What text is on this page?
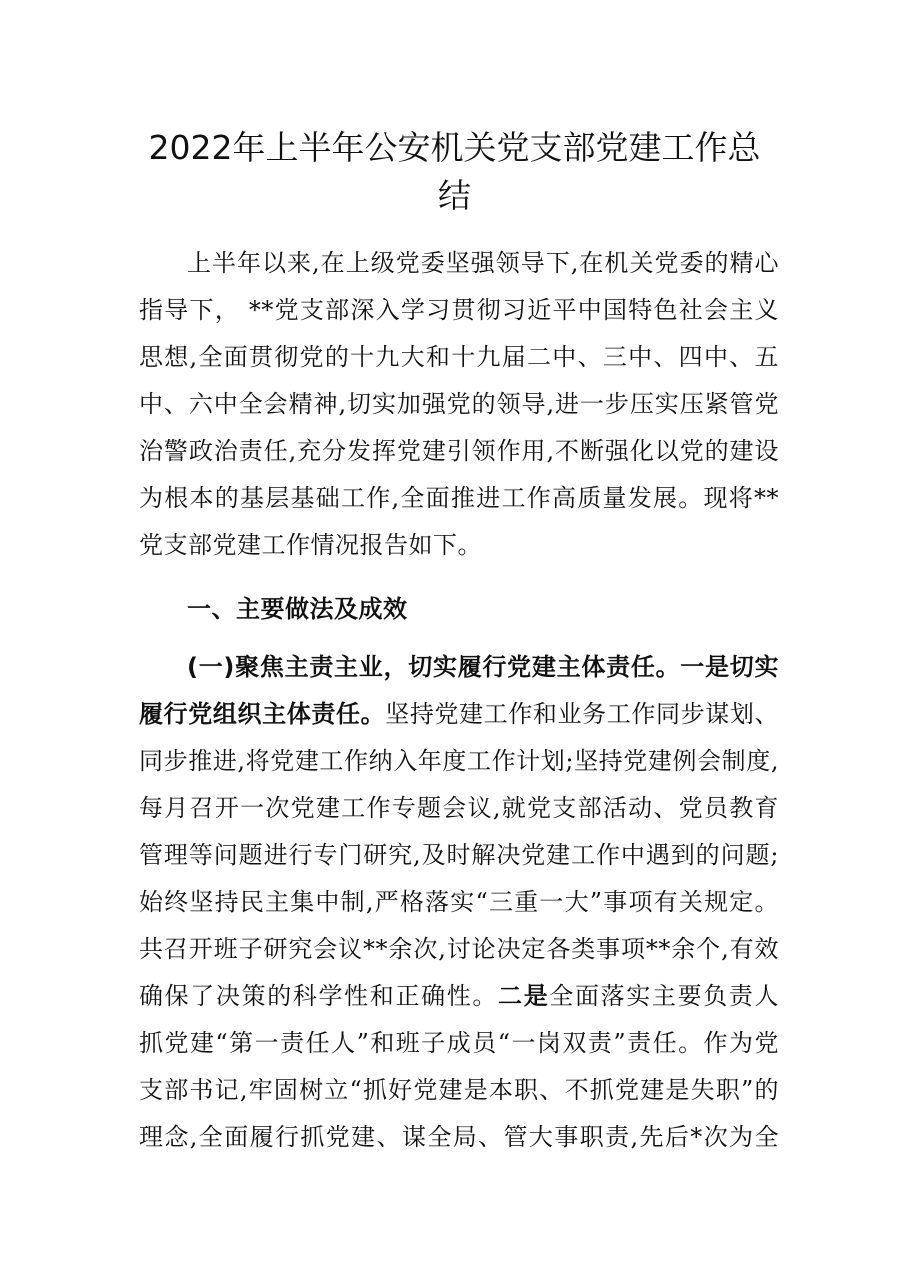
2022年上半年公安机关党支部党建工作总
结
上半年以来,在上级党委坚强领导下,在机关党委的精心
指导下， **党支部深入学习贯彻习近平中国特色社会主义
思想,全面贯彻党的十九大和十九届二中、三中、四中、五
中、六中全会精神,切实加强党的领导,进一步压实压紧管党
治警政治责任,充分发挥党建引领作用,不断强化以党的建设
为根本的基层基础工作,全面推进工作高质量发展。现将**
党支部党建工作情况报告如下。
一、主要做法及成效
(一)聚焦主责主业，切实履行党建主体责任。一是切实
履行党组织主体责任。坚持党建工作和业务工作同步谋划、
同步推进,将党建工作纳入年度工作计划;坚持党建例会制度,
每月召开一次党建工作专题会议,就党支部活动、党员教育
管理等问题进行专门研究,及时解决党建工作中遇到的问题;
始终坚持民主集中制,严格落实“三重一大”事项有关规定。
共召开班子研究会议**余次,讨论决定各类事项**余个,有效
确保了决策的科学性和正确性。二是全面落实主要负责人
抓党建“第一责任人”和班子成员“一岗双责”责任。作为党
支部书记,牢固树立“抓好党建是本职、不抓党建是失职”的
理念,全面履行抓党建、谋全局、管大事职责,先后*次为全
